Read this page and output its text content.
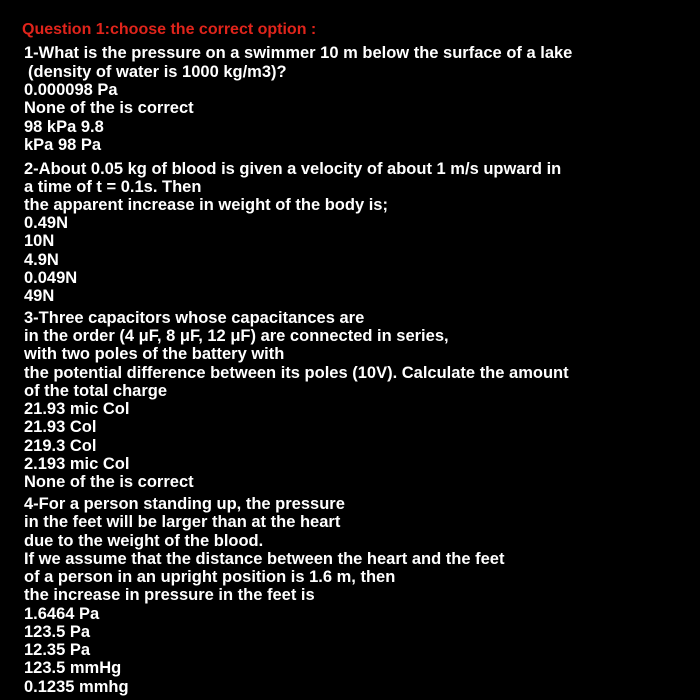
Question 1:choose the correct option :
1-What is the pressure on a swimmer 10 m below the surface of a lake
(density of water is 1000 kg/m3)?
0.000098 Pa
None of the is correct
98 kPa 9.8
kPa 98 Pa
2-About 0.05 kg of blood is given a velocity of about 1 m/s upward in
a time of t = 0.1s. Then
the apparent increase in weight of the body is;
0.49N
10N
4.9N
0.049N
49N
3-Three capacitors whose capacitances are
in the order (4 μF, 8 μF, 12 μF) are connected in series,
with two poles of the battery with
the potential difference between its poles (10V). Calculate the amount
of the total charge
21.93 mic Col
21.93 Col
219.3 Col
2.193 mic Col
None of the is correct
4-For a person standing up, the pressure
in the feet will be larger than at the heart
due to the weight of the blood.
If we assume that the distance between the heart and the feet
of a person in an upright position is 1.6 m, then
the increase in pressure in the feet is
1.6464 Pa
123.5 Pa
12.35 Pa
123.5 mmHg
0.1235 mmhg
